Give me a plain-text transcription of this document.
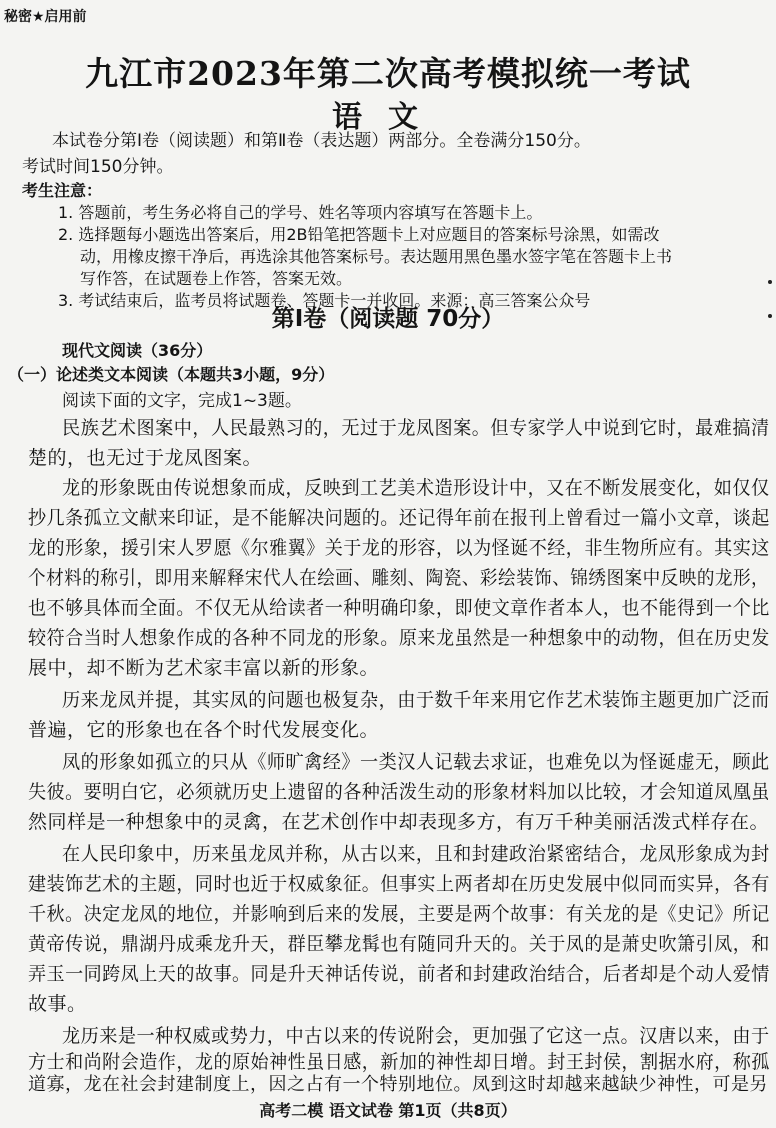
秘密★启用前
九江市2023年第二次高考模拟统一考试
语文
本试卷分第Ⅰ卷（阅读题）和第Ⅱ卷（表达题）两部分。全卷满分150分。
考试时间150分钟。
考生注意：
1. 答题前，考生务必将自己的学号、姓名等项内容填写在答题卡上。
2. 选择题每小题选出答案后，用2B铅笔把答题卡上对应题目的答案标号涂黑，如需改
动，用橡皮擦干净后，再选涂其他答案标号。表达题用黑色墨水签字笔在答题卡上书
写作答，在试题卷上作答，答案无效。
3. 考试结束后，监考员将试题卷、答题卡一并收回。来源：高三答案公众号
第Ⅰ卷（阅读题 70分）
现代文阅读（36分）
（一）论述类文本阅读（本题共3小题，9分）
阅读下面的文字，完成1~3题。
民族艺术图案中，人民最熟习的，无过于龙凤图案。但专家学人中说到它时，最难搞清
楚的，也无过于龙凤图案。
龙的形象既由传说想象而成，反映到工艺美术造形设计中，又在不断发展变化，如仅仅
抄几条孤立文献来印证，是不能解决问题的。还记得年前在报刊上曾看过一篇小文章，谈起
龙的形象，援引宋人罗愿《尔雅翼》关于龙的形容，以为怪诞不经，非生物所应有。其实这
个材料的称引，即用来解释宋代人在绘画、雕刻、陶瓷、彩绘装饰、锦绣图案中反映的龙形，
也不够具体而全面。不仅无从给读者一种明确印象，即使文章作者本人，也不能得到一个比
较符合当时人想象作成的各种不同龙的形象。原来龙虽然是一种想象中的动物，但在历史发
展中，却不断为艺术家丰富以新的形象。
历来龙凤并提，其实凤的问题也极复杂，由于数千年来用它作艺术装饰主题更加广泛而
普遍，它的形象也在各个时代发展变化。
凤的形象如孤立的只从《师旷禽经》一类汉人记载去求证，也难免以为怪诞虚无，顾此
失彼。要明白它，必须就历史上遗留的各种活泼生动的形象材料加以比较，才会知道凤凰虽
然同样是一种想象中的灵禽，在艺术创作中却表现多方，有万千种美丽活泼式样存在。
在人民印象中，历来虽龙凤并称，从古以来，且和封建政治紧密结合，龙凤形象成为封
建装饰艺术的主题，同时也近于权威象征。但事实上两者却在历史发展中似同而实异，各有
千秋。决定龙凤的地位，并影响到后来的发展，主要是两个故事：有关龙的是《史记》所记
黄帝传说，鼎湖丹成乘龙升天，群臣攀龙髯也有随同升天的。关于凤的是萧史吹箫引凤，和
弄玉一同跨凤上天的故事。同是升天神话传说，前者和封建政治结合，后者却是个动人爱情
故事。
龙历来是一种权威或势力，中古以来的传说附会，更加强了它这一点。汉唐以来，由于
方士和尚附会造作，龙的原始神性虽日感，新加的神性却日增。封王封侯，割据水府，称孤
道寡，龙在社会封建制度上，因之占有一个特别地位。凤到这时却越来越缺少神性，可是另
高考二模 语文试卷 第1页（共8页）
